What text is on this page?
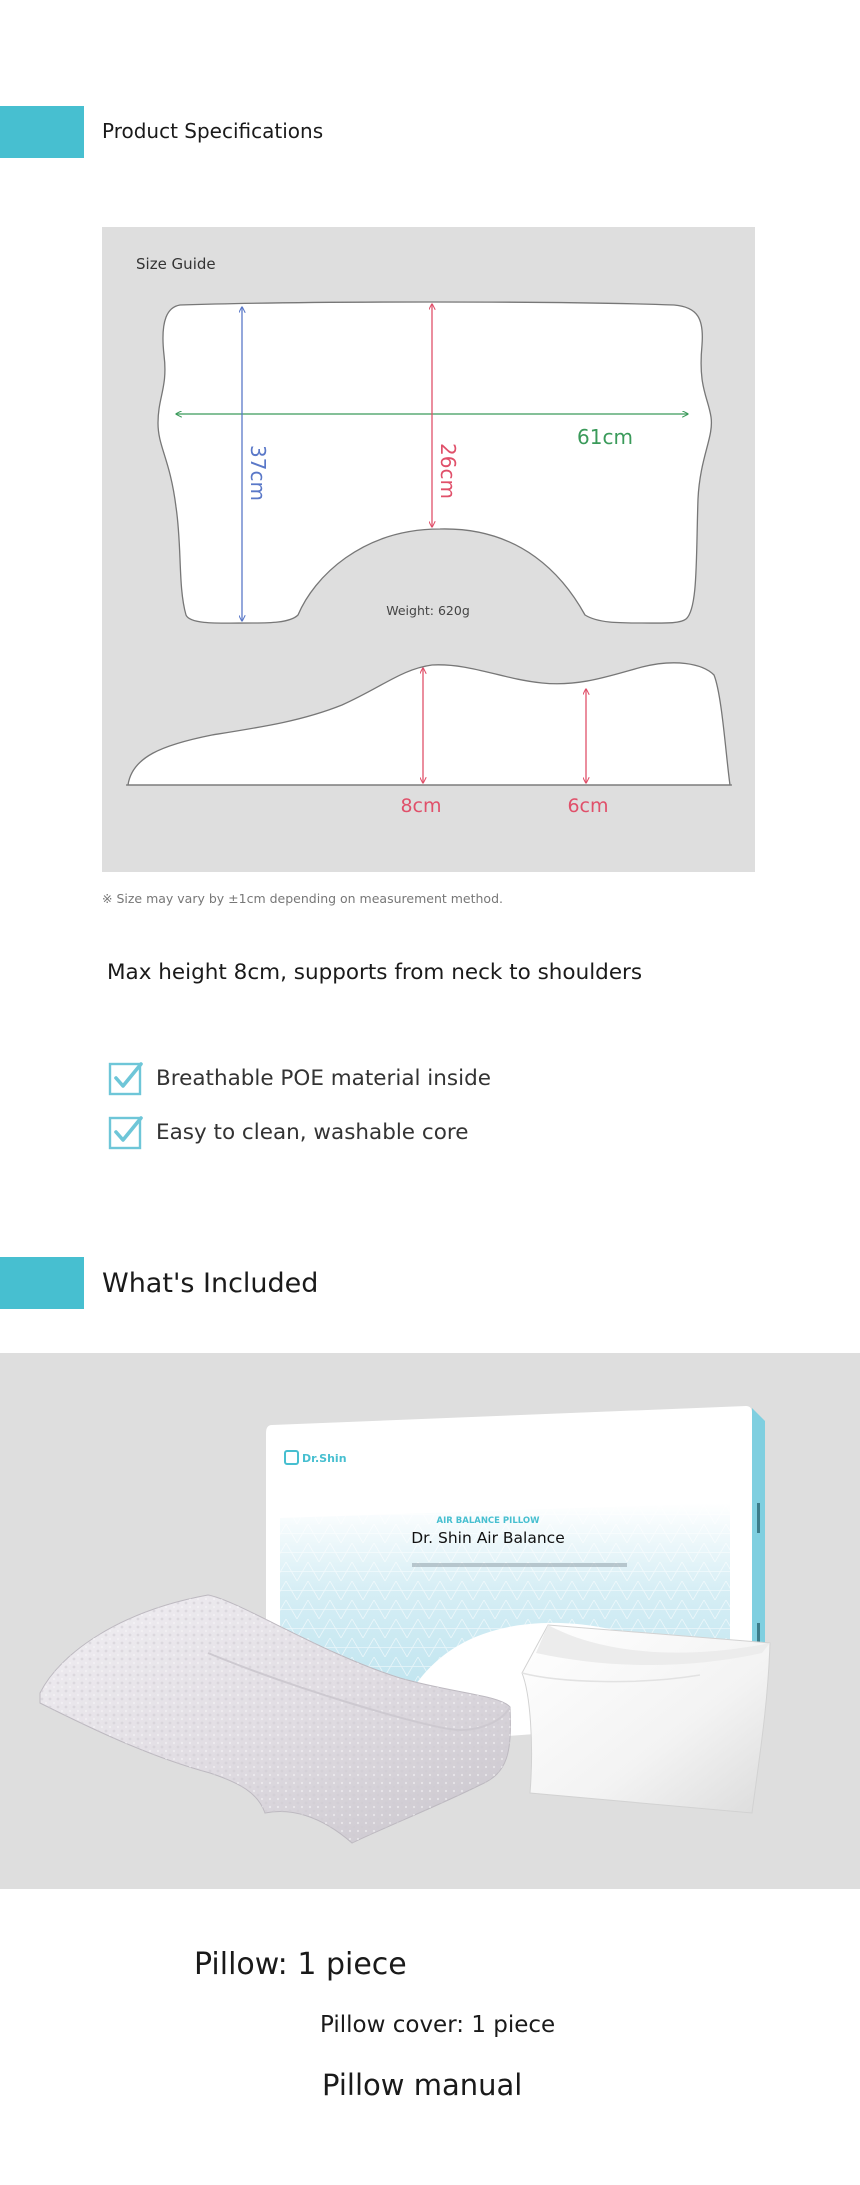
Product Specifications
Size Guide
61cm
37cm	26cm
Weight: 620g
8cm	6cm
※ Size may vary by ±1cm depending on measurement method.
Max height 8cm, supports from neck to shoulders
Breathable POE material inside
Easy to clean, washable core
What's Included
Dr.Shin
AIR BALANCE PILLOW
Dr. Shin Air Balance
Pillow: 1 piece
Pillow cover: 1 piece
Pillow manual
